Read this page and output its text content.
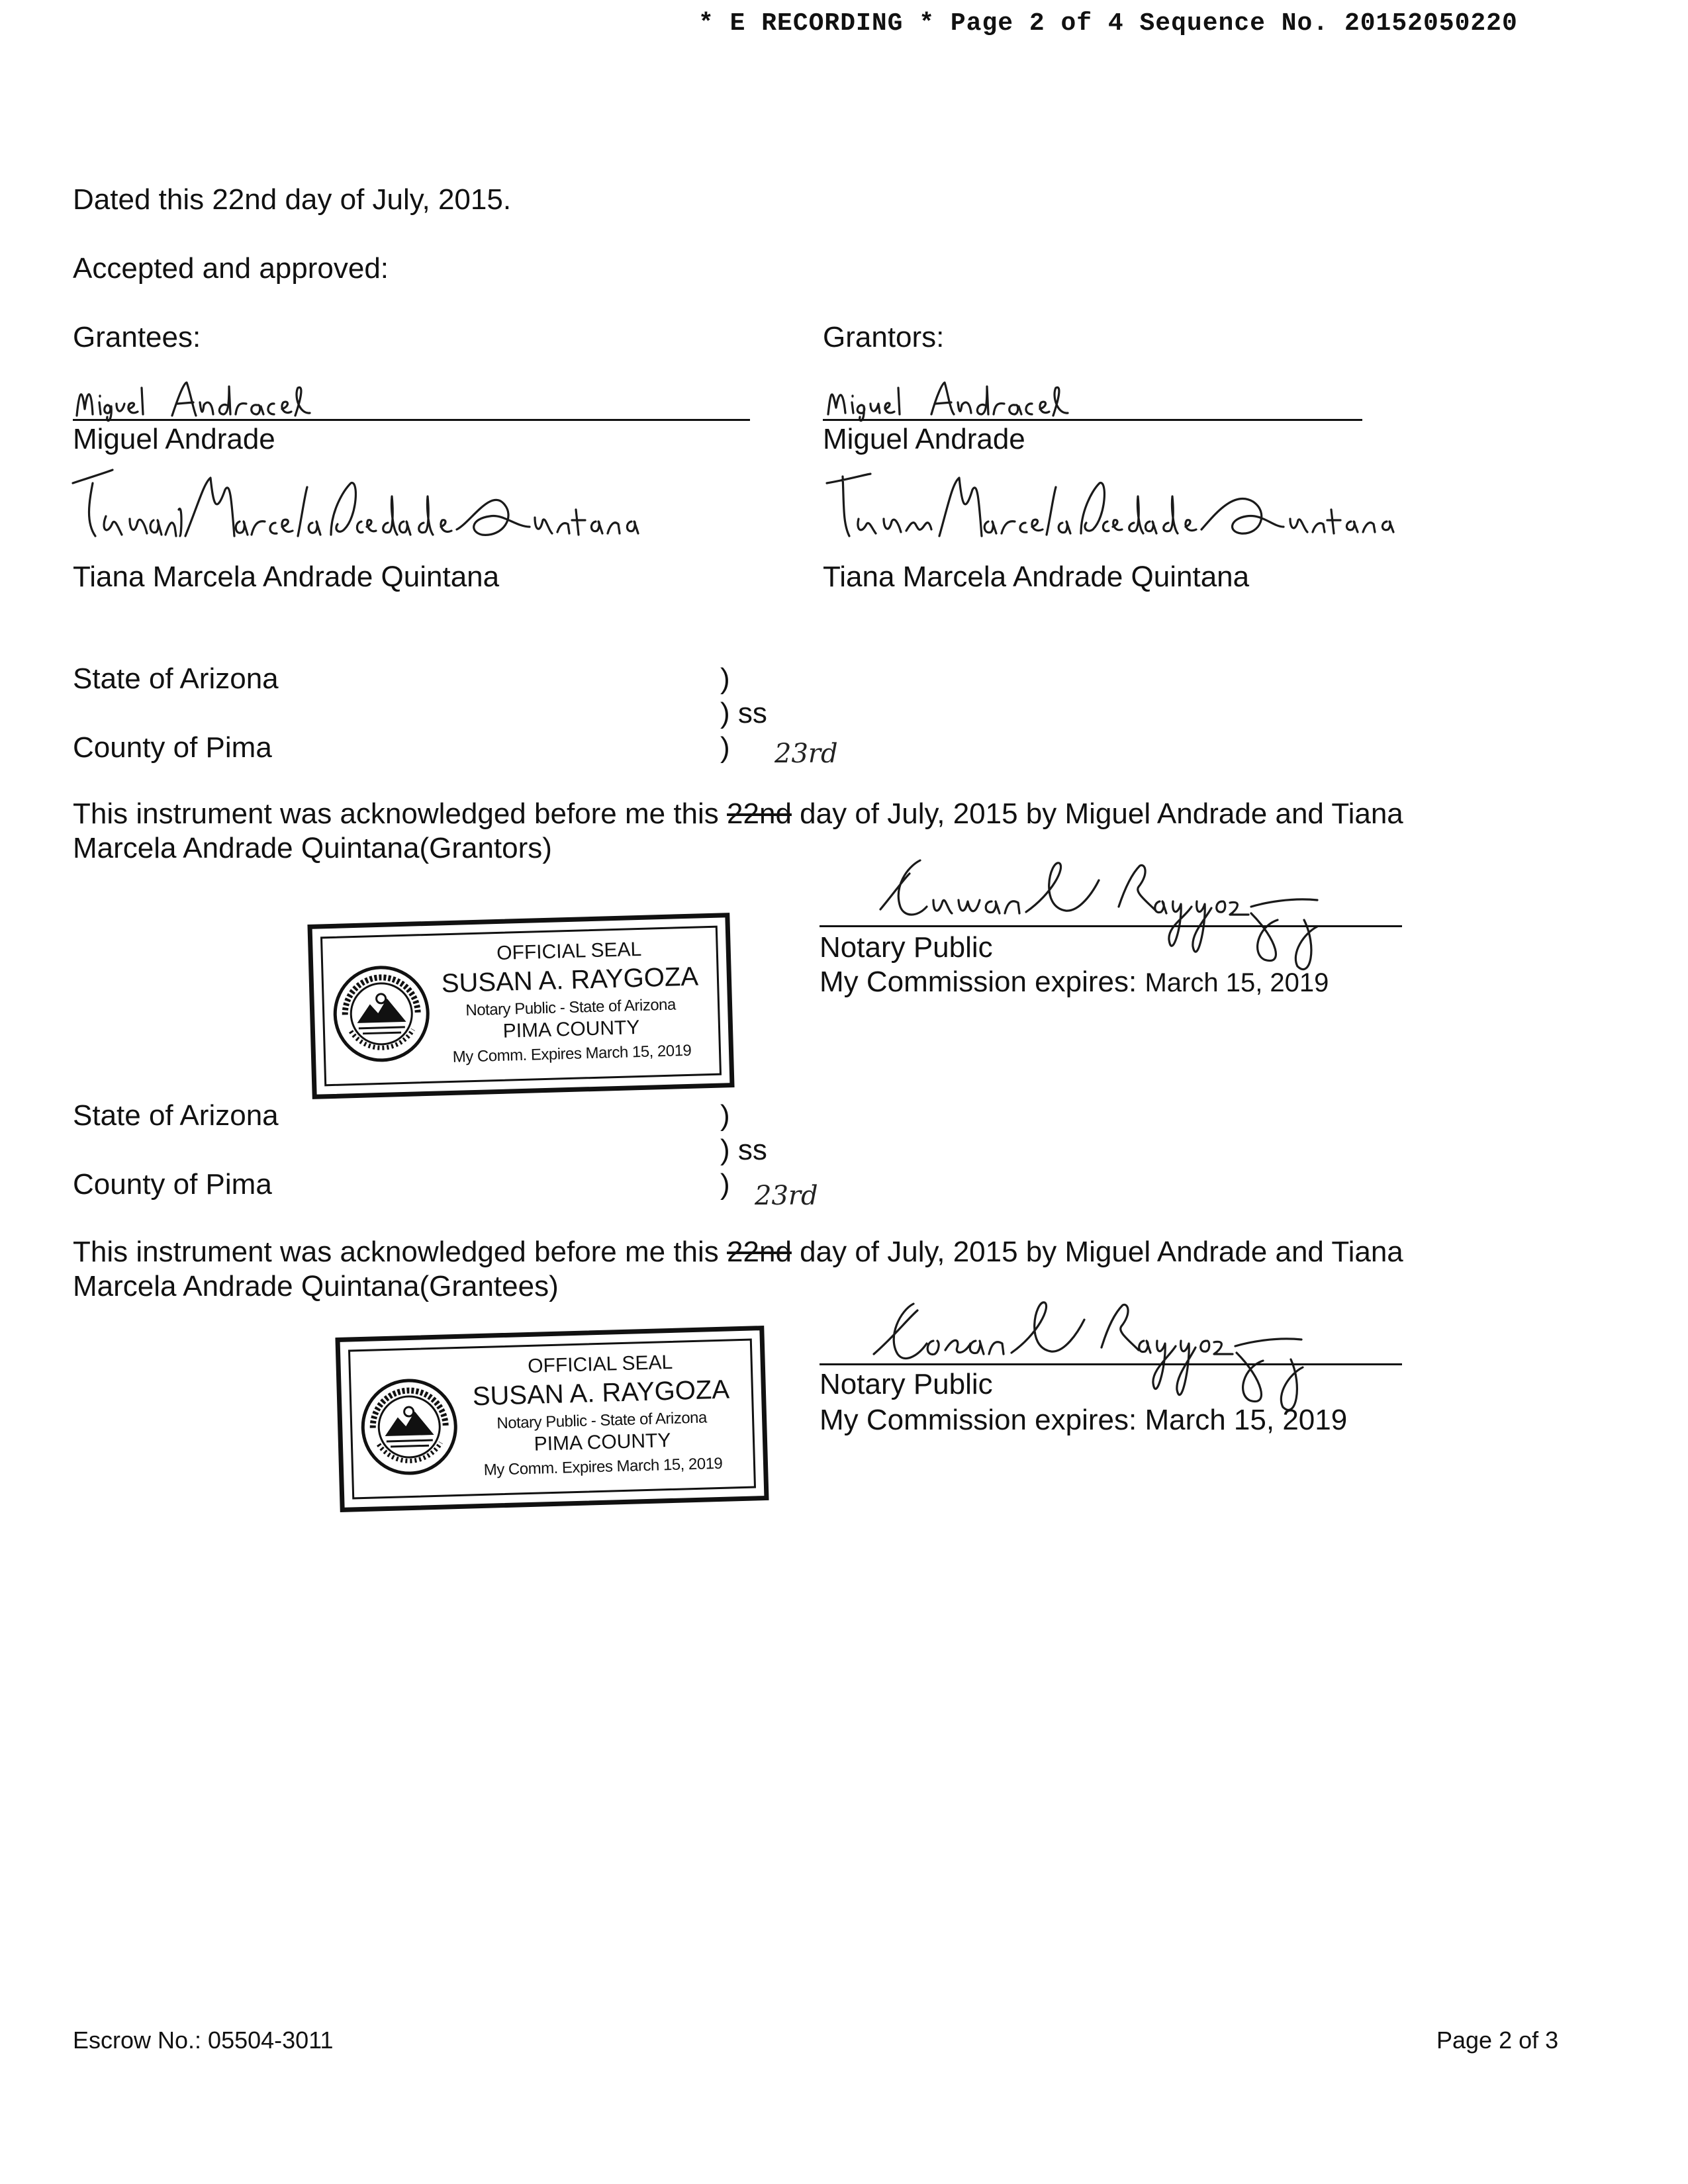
* E RECORDING * Page 2 of 4 Sequence No. 20152050220
Dated this 22nd day of July, 2015.
Accepted and approved:
Grantees:	Grantors:
Miguel Andrade
Tiana Marcela Andrade Quintana
Miguel Andrade
Tiana Marcela Andrade Quintana
State of Arizona	)
) ss
County of Pima	) 23rd
This instrument was acknowledged before me this 22nd day of July, 2015 by Miguel Andrade and Tiana
Marcela Andrade Quintana(Grantors)
Notary Public
My Commission expires: March 15, 2019
OFFICIAL SEAL
SUSAN A. RAYGOZA
Notary Public - State of Arizona
PIMA COUNTY
My Comm. Expires March 15, 2019
State of Arizona	)
) ss
County of Pima	) 23rd
This instrument was acknowledged before me this 22nd day of July, 2015 by Miguel Andrade and Tiana
Marcela Andrade Quintana(Grantees)
Notary Public
My Commission expires: March 15, 2019
OFFICIAL SEAL
SUSAN A. RAYGOZA
Notary Public - State of Arizona
PIMA COUNTY
My Comm. Expires March 15, 2019
Escrow No.: 05504-3011	Page 2 of 3
